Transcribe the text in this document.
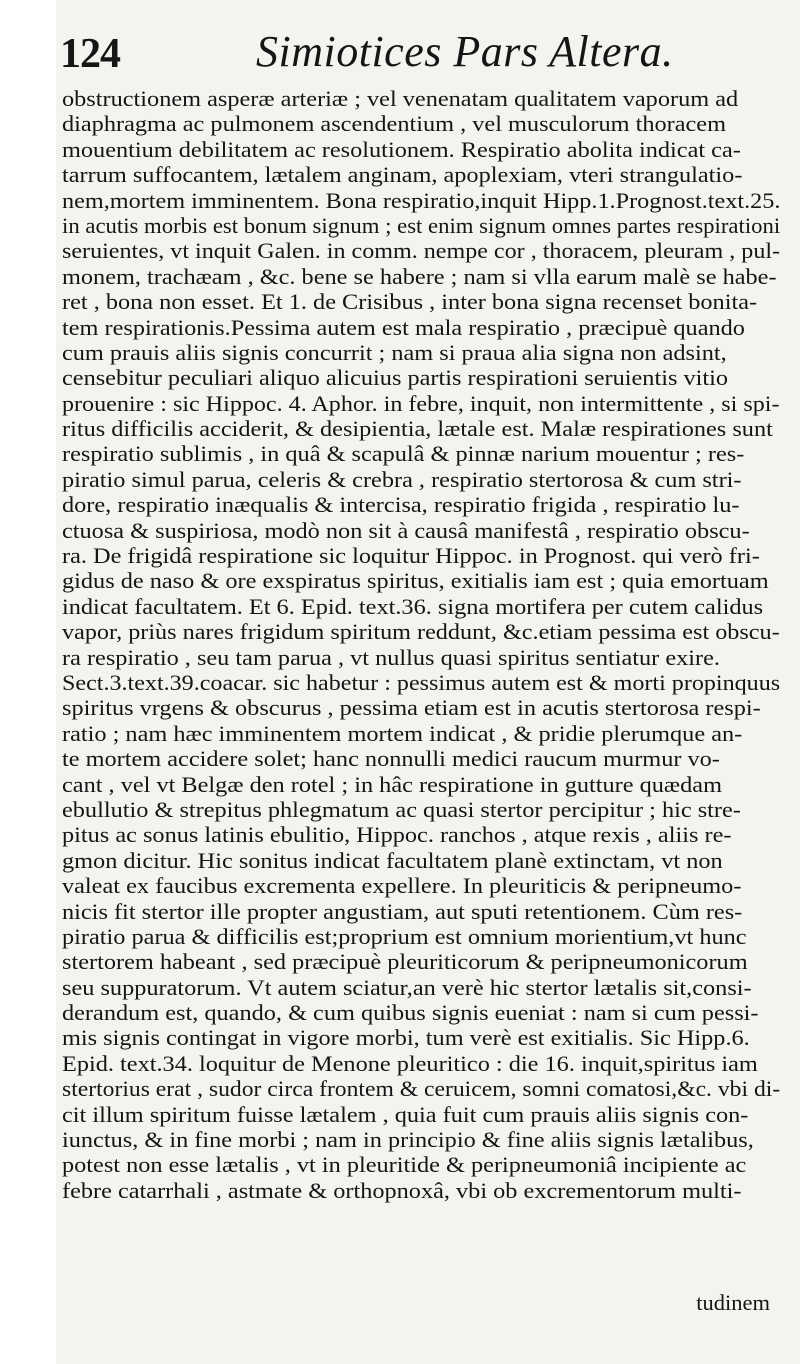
124	Simiotices Pars Altera.
obstructionem asperæ arteriæ ; vel venenatam qualitatem vaporum ad
diaphragma ac pulmonem ascendentium , vel musculorum thoracem
mouentium debilitatem ac resolutionem. Respiratio abolita indicat ca-
tarrum suffocantem, lætalem anginam, apoplexiam, vteri strangulatio-
nem,mortem imminentem. Bona respiratio,inquit Hipp.1.Prognost.text.25.
in acutis morbis est bonum signum ; est enim signum omnes partes respirationi
seruientes, vt inquit Galen. in comm. nempe cor , thoracem, pleuram , pul-
monem, trachæam , &c. bene se habere ; nam si vlla earum malè se habe-
ret , bona non esset. Et 1. de Crisibus , inter bona signa recenset bonita-
tem respirationis.Pessima autem est mala respiratio , præcipuè quando
cum prauis aliis signis concurrit ; nam si praua alia signa non adsint,
censebitur peculiari aliquo alicuius partis respirationi seruientis vitio
prouenire : sic Hippoc. 4. Aphor. in febre, inquit, non intermittente , si spi-
ritus difficilis acciderit, & desipientia, lætale est. Malæ respirationes sunt
respiratio sublimis , in quâ & scapulâ & pinnæ narium mouentur ; res-
piratio simul parua, celeris & crebra , respiratio stertorosa & cum stri-
dore, respiratio inæqualis & intercisa, respiratio frigida , respiratio lu-
ctuosa & suspiriosa, modò non sit à causâ manifestâ , respiratio obscu-
ra. De frigidâ respiratione sic loquitur Hippoc. in Prognost. qui verò fri-
gidus de naso & ore exspiratus spiritus, exitialis iam est ; quia emortuam
indicat facultatem. Et 6. Epid. text.36. signa mortifera per cutem calidus
vapor, priùs nares frigidum spiritum reddunt, &c.etiam pessima est obscu-
ra respiratio , seu tam parua , vt nullus quasi spiritus sentiatur exire.
Sect.3.text.39.coacar. sic habetur : pessimus autem est & morti propinquus
spiritus vrgens & obscurus , pessima etiam est in acutis stertorosa respi-
ratio ; nam hæc imminentem mortem indicat , & pridie plerumque an-
te mortem accidere solet; hanc nonnulli medici raucum murmur vo-
cant , vel vt Belgæ den rotel ; in hâc respiratione in gutture quædam
ebullutio & strepitus phlegmatum ac quasi stertor percipitur ; hic stre-
pitus ac sonus latinis ebulitio, Hippoc. ranchos , atque rexis , aliis re-
gmon dicitur. Hic sonitus indicat facultatem planè extinctam, vt non
valeat ex faucibus excrementa expellere. In pleuriticis & peripneumo-
nicis fit stertor ille propter angustiam, aut sputi retentionem. Cùm res-
piratio parua & difficilis est;proprium est omnium morientium,vt hunc
stertorem habeant , sed præcipuè pleuriticorum & peripneumonicorum
seu suppuratorum. Vt autem sciatur,an verè hic stertor lætalis sit,consi-
derandum est, quando, & cum quibus signis eueniat : nam si cum pessi-
mis signis contingat in vigore morbi, tum verè est exitialis. Sic Hipp.6.
Epid. text.34. loquitur de Menone pleuritico : die 16. inquit,spiritus iam
stertorius erat , sudor circa frontem & ceruicem, somni comatosi,&c. vbi di-
cit illum spiritum fuisse lætalem , quia fuit cum prauis aliis signis con-
iunctus, & in fine morbi ; nam in principio & fine aliis signis lætalibus,
potest non esse lætalis , vt in pleuritide & peripneumoniâ incipiente ac
febre catarrhali , astmate & orthopnoxâ, vbi ob excrementorum multi-
tudinem
